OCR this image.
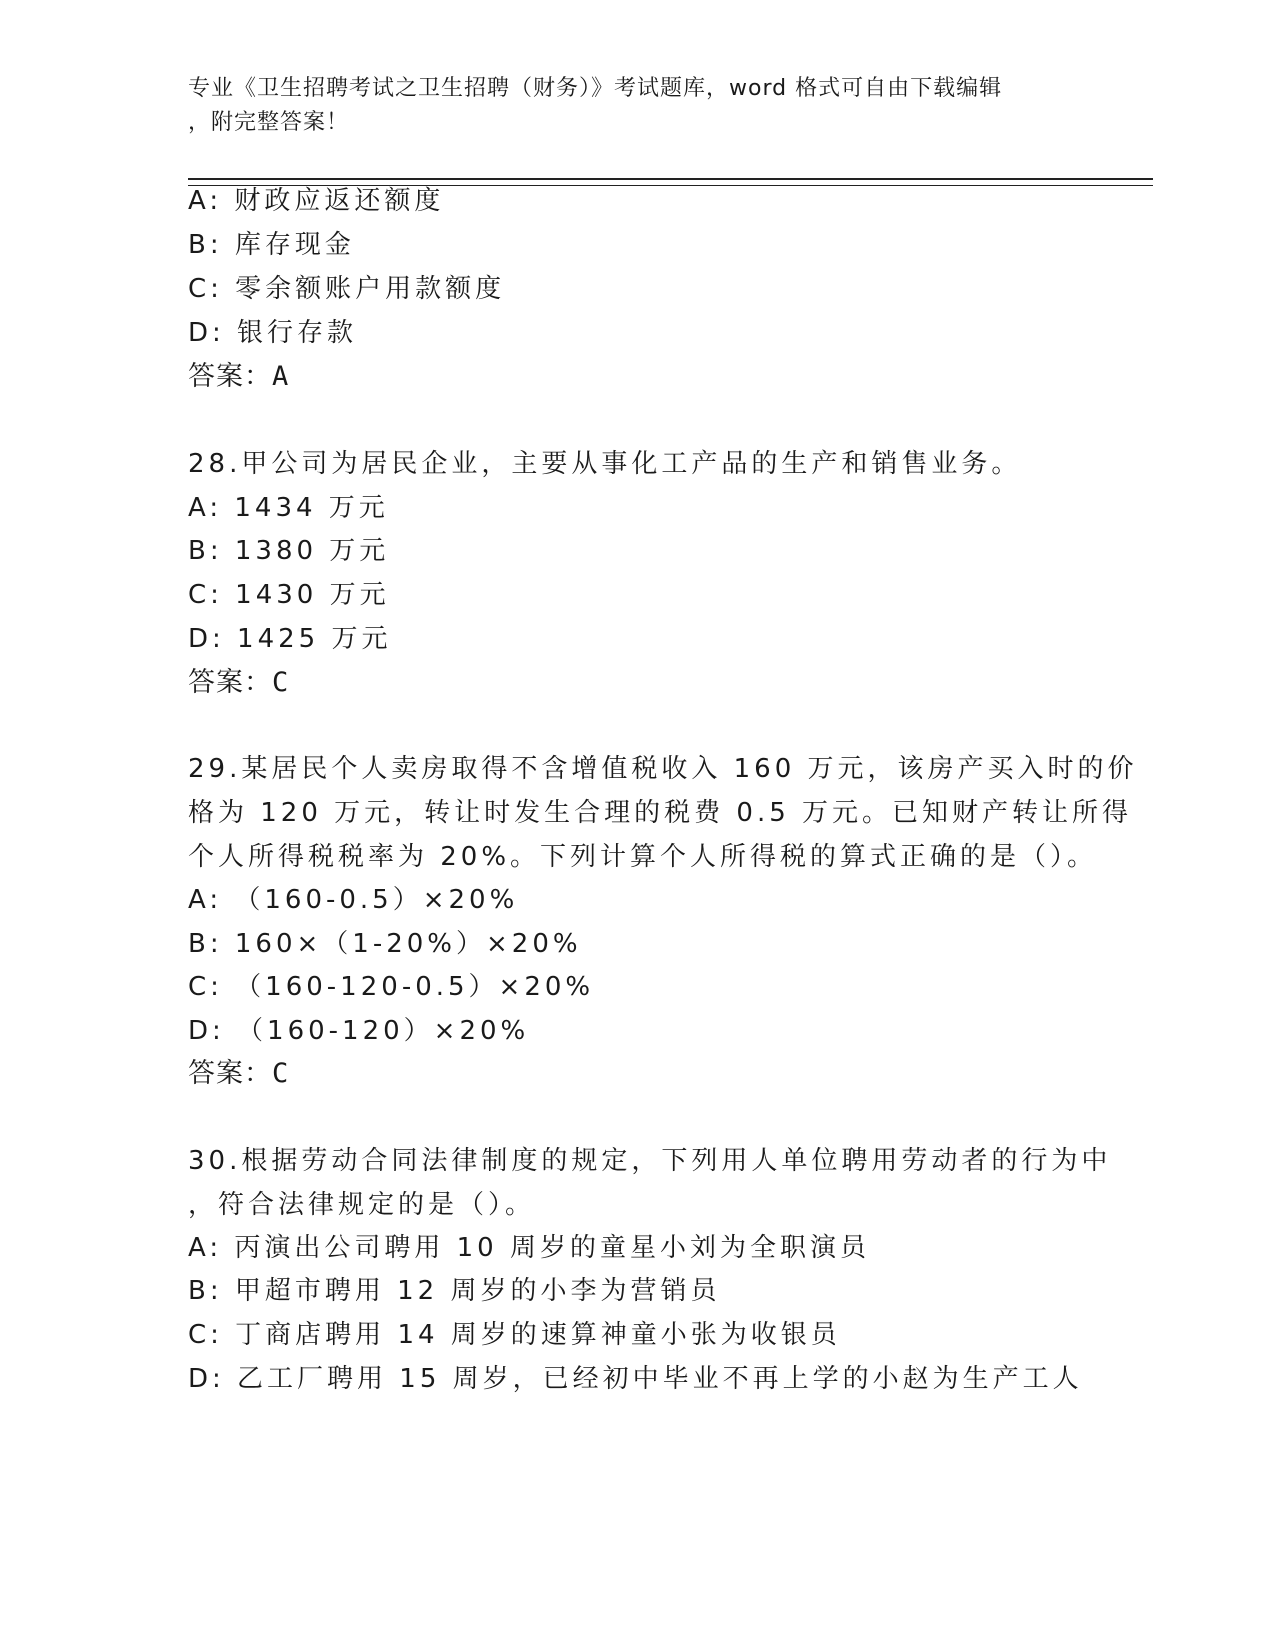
专业《卫生招聘考试之卫生招聘（财务）》考试题库，word 格式可自由下载编辑
，附完整答案！
A: 财政应返还额度
B: 库存现金
C: 零余额账户用款额度
D: 银行存款
答案：A
28.甲公司为居民企业，主要从事化工产品的生产和销售业务。
A: 1434 万元
B: 1380 万元
C: 1430 万元
D: 1425 万元
答案：C
29.某居民个人卖房取得不含增值税收入 160 万元，该房产买入时的价
格为 120 万元，转让时发生合理的税费 0.5 万元。已知财产转让所得
个人所得税税率为 20%。下列计算个人所得税的算式正确的是（）。
A: （160-0.5）×20%
B: 160×（1-20%）×20%
C: （160-120-0.5）×20%
D: （160-120）×20%
答案：C
30.根据劳动合同法律制度的规定，下列用人单位聘用劳动者的行为中
，符合法律规定的是（）。
A: 丙演出公司聘用 10 周岁的童星小刘为全职演员
B: 甲超市聘用 12 周岁的小李为营销员
C: 丁商店聘用 14 周岁的速算神童小张为收银员
D: 乙工厂聘用 15 周岁，已经初中毕业不再上学的小赵为生产工人
